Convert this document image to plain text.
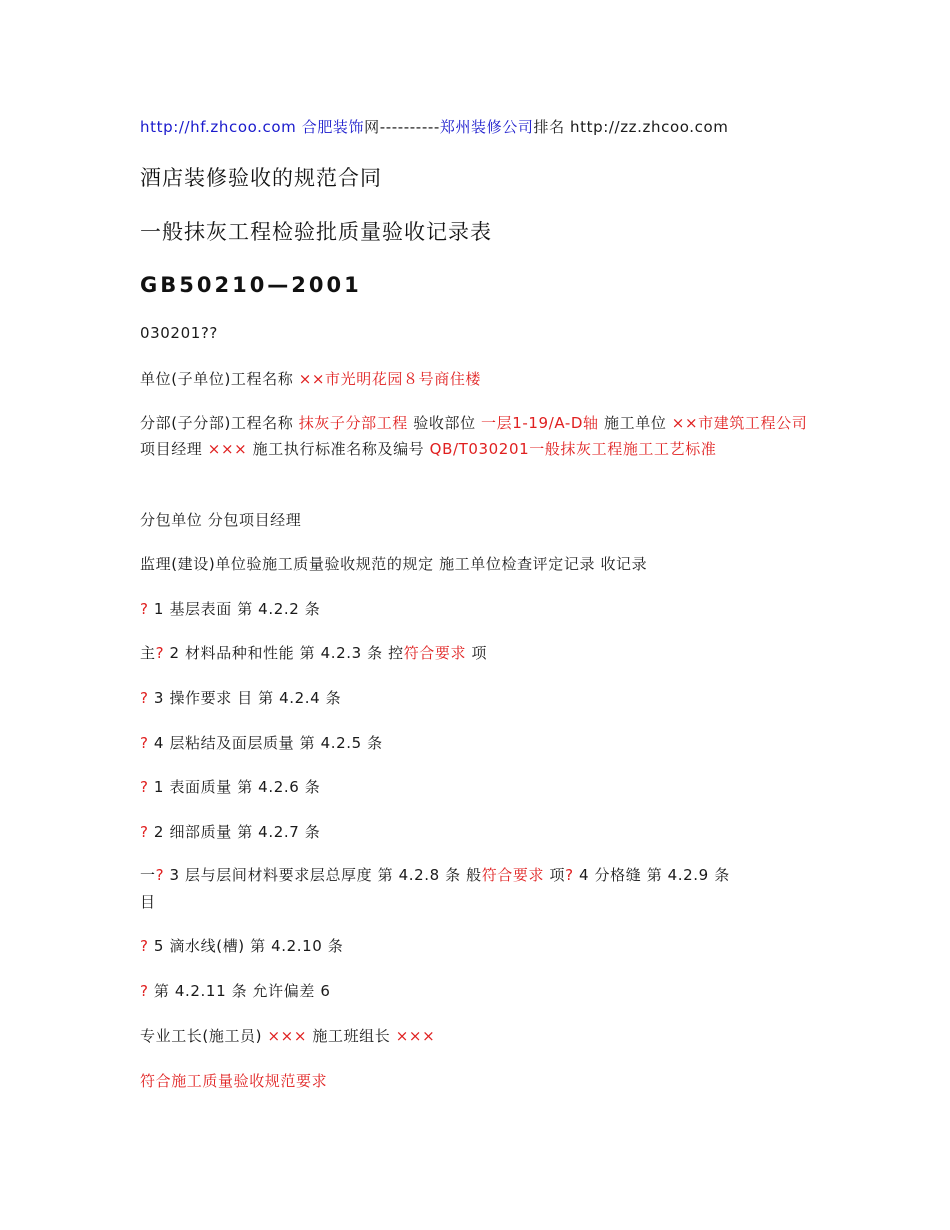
http://hf.zhcoo.com 合肥装饰网----------郑州装修公司排名 http://zz.zhcoo.com
酒店装修验收的规范合同
一般抹灰工程检验批质量验收记录表
GB50210—2001
030201??
单位(子单位)工程名称 ××市光明花园８号商住楼
分部(子分部)工程名称 抹灰子分部工程 验收部位 一层1-19/A-D轴 施工单位 ××市建筑工程公司 项目经理 ××× 施工执行标准名称及编号 QB/T030201一般抹灰工程施工工艺标准
分包单位 分包项目经理
监理(建设)单位验施工质量验收规范的规定 施工单位检查评定记录 收记录
? 1 基层表面 第 4.2.2 条
主? 2 材料品种和性能 第 4.2.3 条 控符合要求 项
? 3 操作要求 目 第 4.2.4 条
? 4 层粘结及面层质量 第 4.2.5 条
? 1 表面质量 第 4.2.6 条
? 2 细部质量 第 4.2.7 条
一? 3 层与层间材料要求层总厚度 第 4.2.8 条 般符合要求 项? 4 分格缝 第 4.2.9 条
目
? 5 滴水线(槽) 第 4.2.10 条
? 第 4.2.11 条 允许偏差 6
专业工长(施工员) ××× 施工班组长 ×××
符合施工质量验收规范要求
